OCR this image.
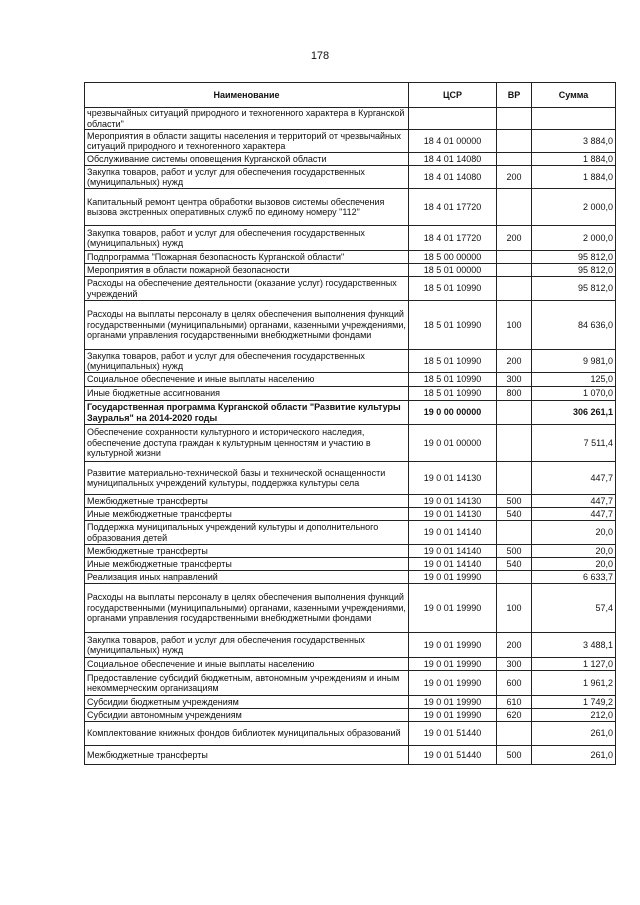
178
Наименование	ЦСР	ВР	Сумма
чрезвычайных ситуаций природного и техногенного характера в Курганской области"			
Мероприятия в области защиты населения и территорий от чрезвычайных ситуаций природного и техногенного характера	18 4 01 00000		3 884,0
Обслуживание системы оповещения Курганской области	18 4 01 14080		1 884,0
Закупка товаров, работ и услуг для обеспечения государственных (муниципальных) нужд	18 4 01 14080	200	1 884,0
Капитальный ремонт центра обработки вызовов системы обеспечения вызова экстренных оперативных служб по единому номеру "112"	18 4 01 17720		2 000,0
Закупка товаров, работ и услуг для обеспечения государственных (муниципальных) нужд	18 4 01 17720	200	2 000,0
Подпрограмма "Пожарная безопасность Курганской области"	18 5 00 00000		95 812,0
Мероприятия в области пожарной безопасности	18 5 01 00000		95 812,0
Расходы на обеспечение деятельности (оказание услуг) государственных учреждений	18 5 01 10990		95 812,0
Расходы на выплаты персоналу в целях обеспечения выполнения функций государственными (муниципальными) органами, казенными учреждениями, органами управления государственными внебюджетными фондами	18 5 01 10990	100	84 636,0
Закупка товаров, работ и услуг для обеспечения государственных (муниципальных) нужд	18 5 01 10990	200	9 981,0
Социальное обеспечение и иные выплаты населению	18 5 01 10990	300	125,0
Иные бюджетные ассигнования	18 5 01 10990	800	1 070,0
Государственная программа Курганской области "Развитие культуры Зауралья" на 2014-2020 годы	19 0 00 00000		306 261,1
Обеспечение сохранности культурного и исторического наследия, обеспечение доступа граждан к культурным ценностям и участию в культурной жизни	19 0 01 00000		7 511,4
Развитие материально-технической базы и технической оснащенности муниципальных учреждений культуры, поддержка культуры села	19 0 01 14130		447,7
Межбюджетные трансферты	19 0 01 14130	500	447,7
Иные межбюджетные трансферты	19 0 01 14130	540	447,7
Поддержка муниципальных учреждений культуры и дополнительного образования детей	19 0 01 14140		20,0
Межбюджетные трансферты	19 0 01 14140	500	20,0
Иные межбюджетные трансферты	19 0 01 14140	540	20,0
Реализация иных направлений	19 0 01 19990		6 633,7
Расходы на выплаты персоналу в целях обеспечения выполнения функций государственными (муниципальными) органами, казенными учреждениями, органами управления государственными внебюджетными фондами	19 0 01 19990	100	57,4
Закупка товаров, работ и услуг для обеспечения государственных (муниципальных) нужд	19 0 01 19990	200	3 488,1
Социальное обеспечение и иные выплаты населению	19 0 01 19990	300	1 127,0
Предоставление субсидий бюджетным, автономным учреждениям и иным некоммерческим организациям	19 0 01 19990	600	1 961,2
Субсидии бюджетным учреждениям	19 0 01 19990	610	1 749,2
Субсидии автономным учреждениям	19 0 01 19990	620	212,0
Комплектование книжных фондов библиотек муниципальных образований	19 0 01 51440		261,0
Межбюджетные трансферты	19 0 01 51440	500	261,0
